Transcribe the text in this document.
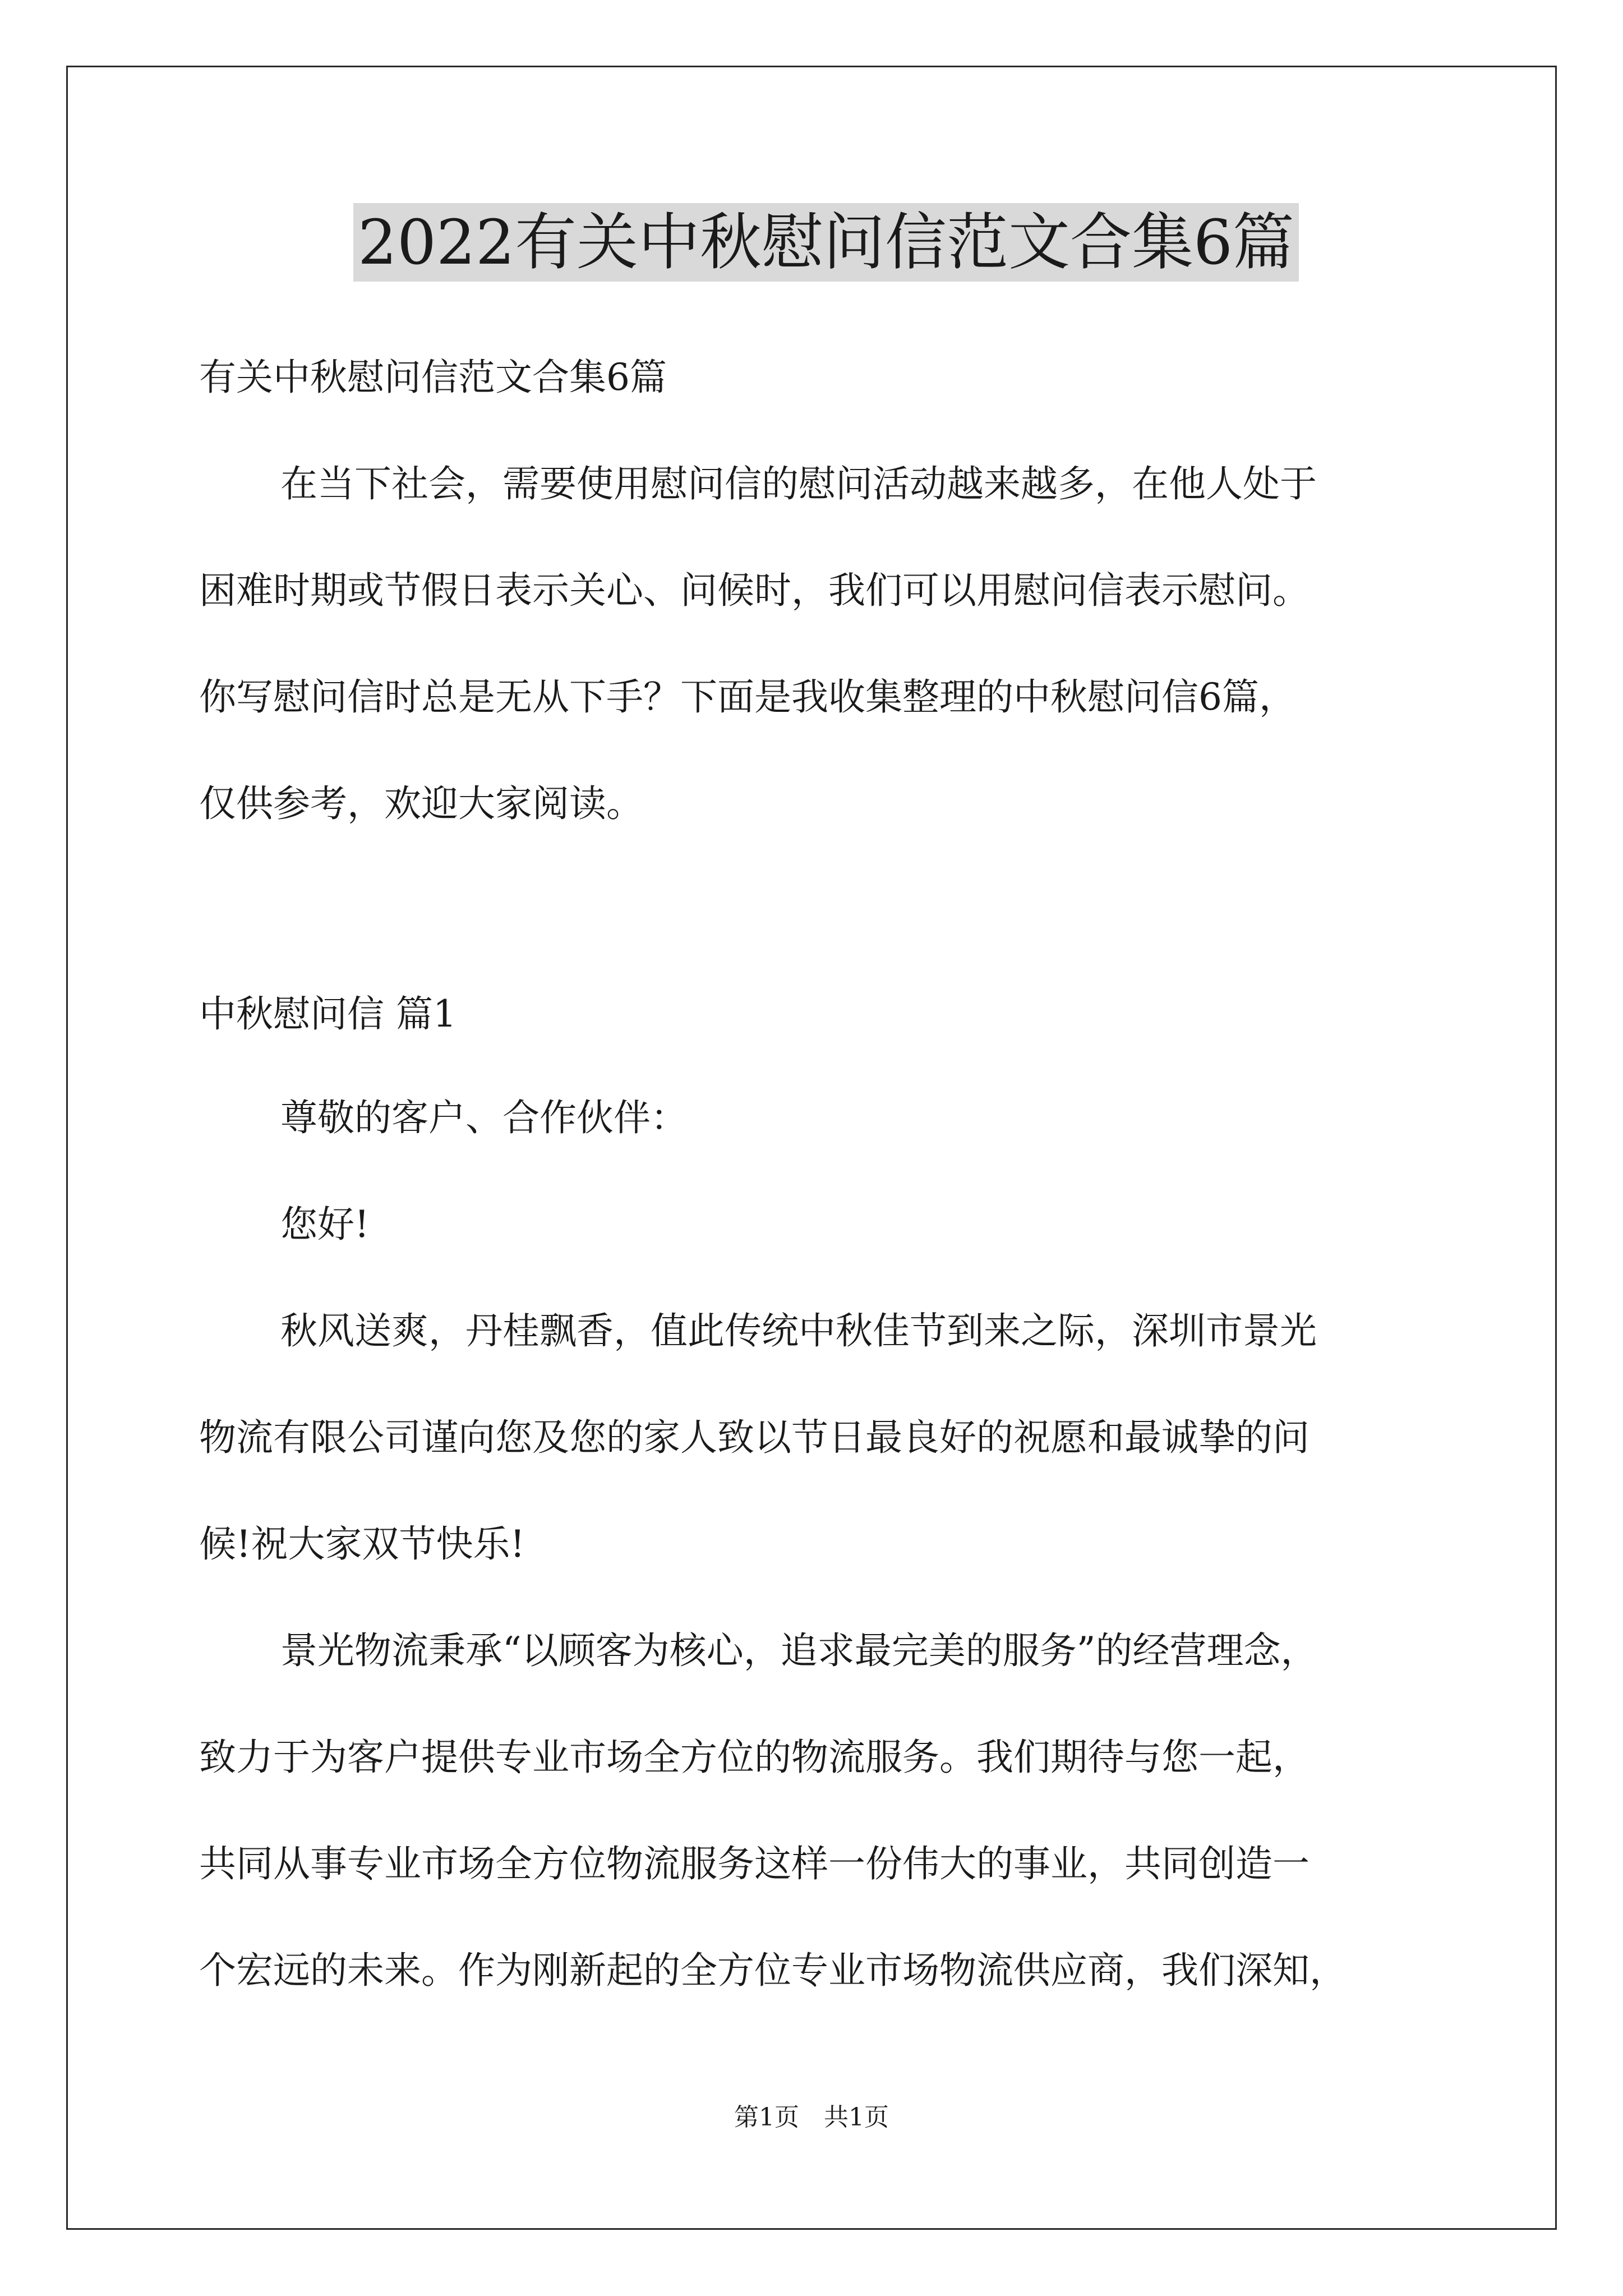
2022有关中秋慰问信范文合集6篇
有关中秋慰问信范文合集6篇
在当下社会，需要使用慰问信的慰问活动越来越多，在他人处于
困难时期或节假日表示关心、问候时，我们可以用慰问信表示慰问。
你写慰问信时总是无从下手？下面是我收集整理的中秋慰问信6篇，
仅供参考，欢迎大家阅读。
中秋慰问信 篇1
尊敬的客户、合作伙伴：
您好!
秋风送爽，丹桂飘香，值此传统中秋佳节到来之际，深圳市景光
物流有限公司谨向您及您的家人致以节日最良好的祝愿和最诚挚的问
候!祝大家双节快乐!
景光物流秉承“以顾客为核心，追求最完美的服务”的经营理念，
致力于为客户提供专业市场全方位的物流服务。我们期待与您一起，
共同从事专业市场全方位物流服务这样一份伟大的事业，共同创造一
个宏远的未来。作为刚新起的全方位专业市场物流供应商，我们深知，
第1页　共1页
